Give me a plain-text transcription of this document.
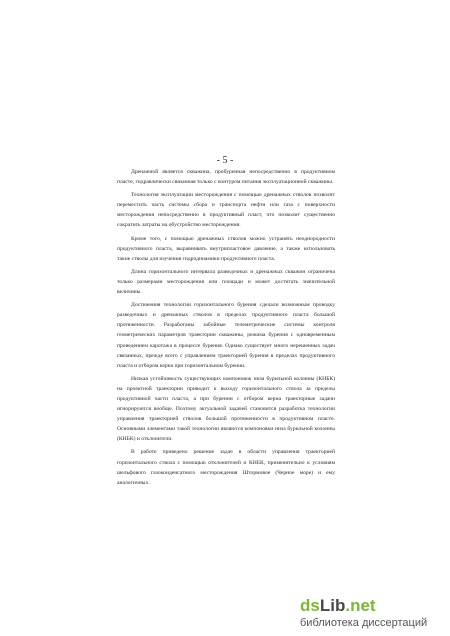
- 5 -

Дренажной является скважина, пробуренная непосредственно в продуктивном пласте, гидравлически связанная только с контуром питания эксплуатационной скважины.

Технология эксплуатации месторождения с помощью дренажных стволов позволит переместить часть системы сбора и транспорта нефти или газа с поверхности месторождения непосредственно в продуктивный пласт, что позволит существенно сократить затраты на обустройство месторождения.

Кроме того, с помощью дренажных стволов можно устранять неоднородности продуктивного пласта, выравнивать внутрипластовое давление, а также использовать такие стволы для изучения гидродинамики продуктивного пласта.

Длина горизонтального интервала разведочных и дренажных скважин ограничена только размерами месторождения или площади и может достигать значительной величины.

Достижения технологии горизонтального бурения сделали возможным проводку разведочных и дренажных стволов в пределах продуктивного пласта большой протяженности. Разработаны забойные телеметрические системы контроля геометрических параметров траектории скважины, режима бурения с одновременным проведением каротажа в процессе бурения. Однако существует много нерешенных задач связанных, прежде всего с управлением траекторией бурения в пределах продуктивного пласта и отбором керна при горизонтальном бурении.

Низкая устойчивость существующих компоновок низа бурильной колонны (КНБК) на проектной траектории приводит к выходу горизонтального ствола за пределы продуктивной части пласта, а при бурении с отбором керна траекторные задачи игнорируются вообще. Поэтому актуальной задачей становится разработка технологии управления траекторией стволов большой протяженности в продуктивном пласте. Основными элементами такой технологии являются компоновки низа бурильной колонны (КНБК) и отклонители.

В работе приведено решение задач в области управления траекторией горизонтального ствола с помощью отклонителей и КНБК, применительно к условиям шельфового газоконденсатного месторождения Штормовое (Черное море) и ему аналогичных.

ds Lib .net
библиотека диссертаций
